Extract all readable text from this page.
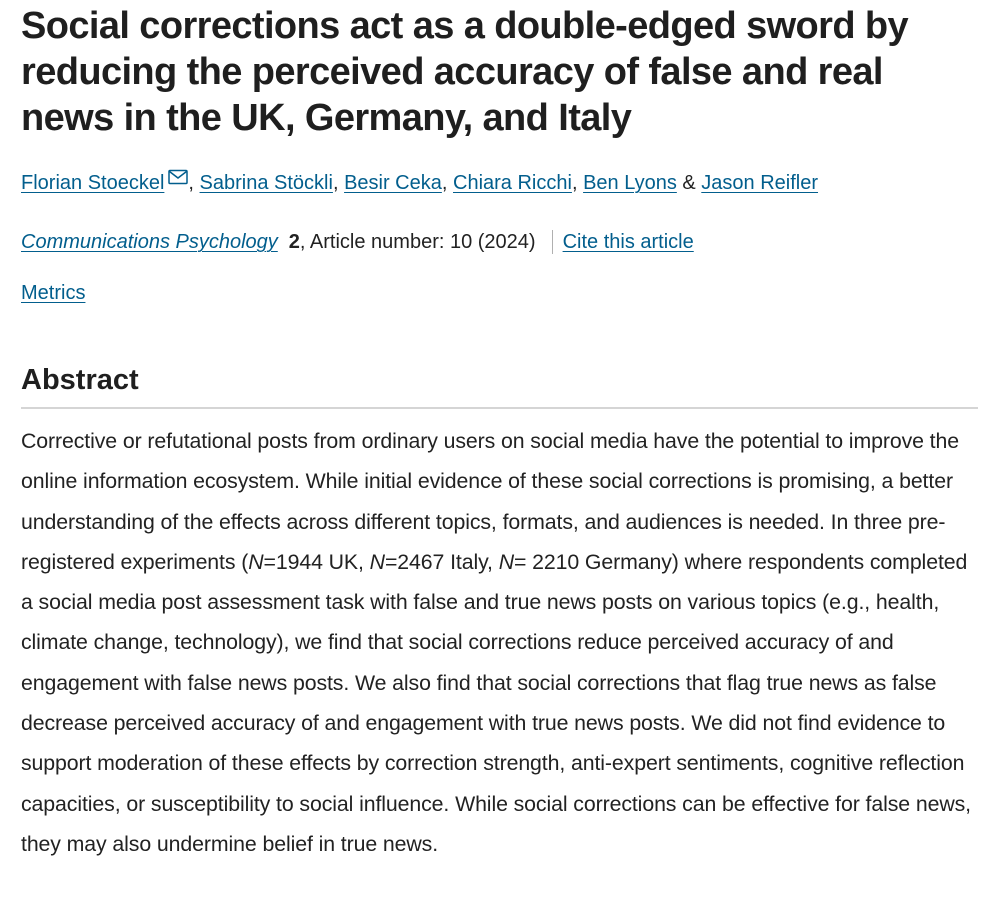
Social corrections act as a double-edged sword by reducing the perceived accuracy of false and real news in the UK, Germany, and Italy
Florian Stoeckel , Sabrina Stöckli, Besir Ceka, Chiara Ricchi, Ben Lyons & Jason Reifler
Communications Psychology 2 , Article number: 10 (2024) Cite this article
Metrics
Abstract

Corrective or refutational posts from ordinary users on social media have the potential to improve the online information ecosystem. While initial evidence of these social corrections is promising, a better understanding of the effects across different topics, formats, and audiences is needed. In three pre-registered experiments (N=1944 UK, N=2467 Italy, N= 2210 Germany) where respondents completed a social media post assessment task with false and true news posts on various topics (e.g., health, climate change, technology), we find that social corrections reduce perceived accuracy of and engagement with false news posts. We also find that social corrections that flag true news as false decrease perceived accuracy of and engagement with true news posts. We did not find evidence to support moderation of these effects by correction strength, anti-expert sentiments, cognitive reflection capacities, or susceptibility to social influence. While social corrections can be effective for false news, they may also undermine belief in true news.
